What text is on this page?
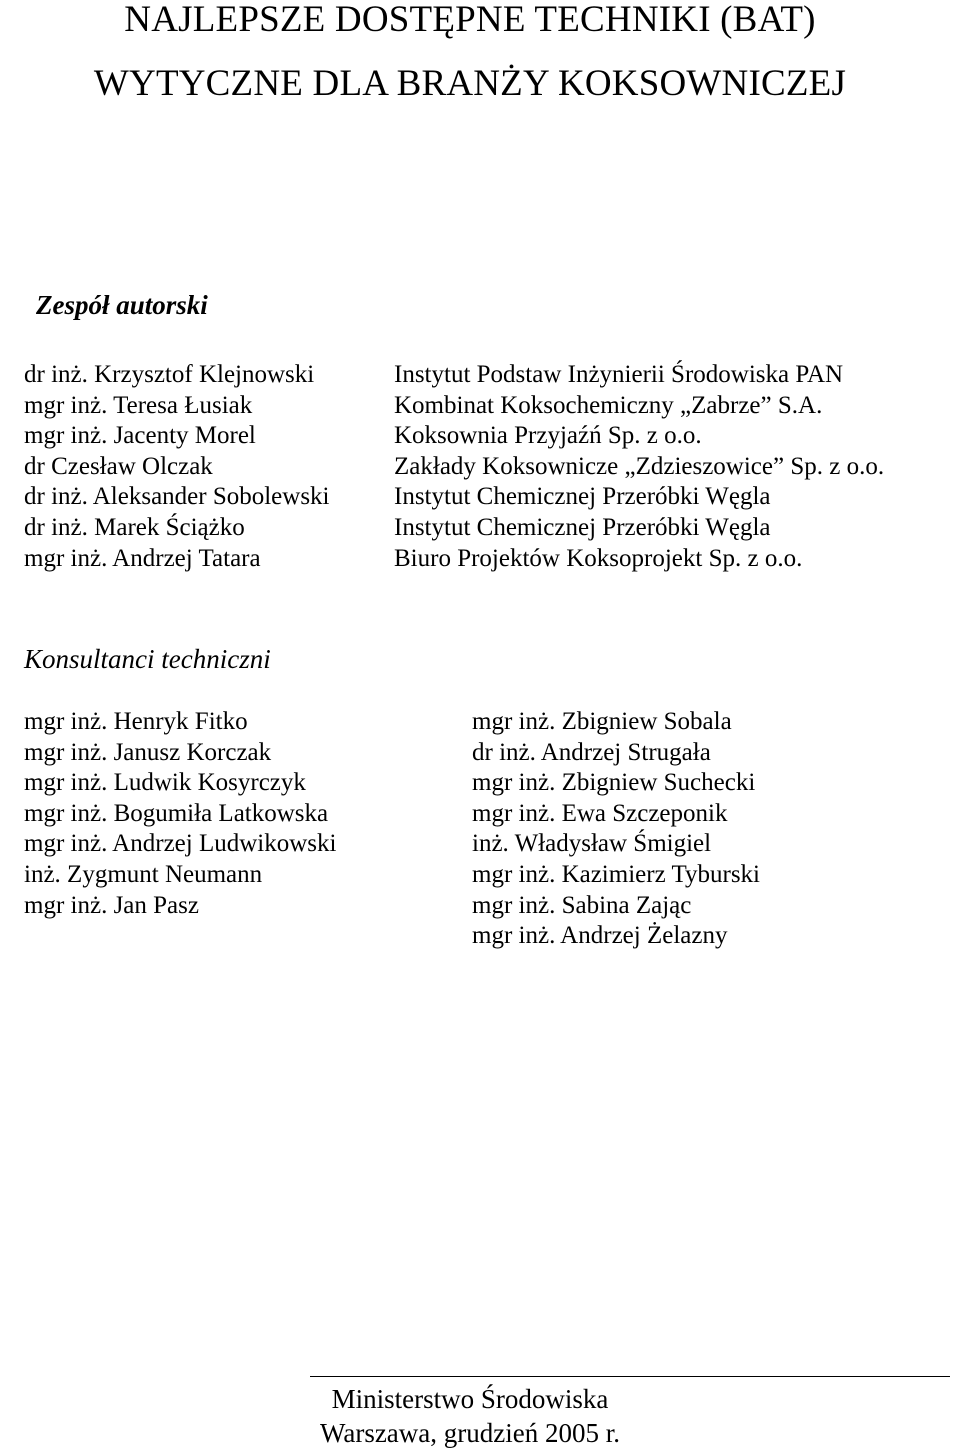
NAJLEPSZE DOSTĘPNE TECHNIKI (BAT)
WYTYCZNE DLA BRANŻY KOKSOWNICZEJ
Zespół autorski
dr inż. Krzysztof Klejnowski
mgr inż. Teresa Łusiak
mgr inż. Jacenty Morel
dr Czesław Olczak
dr inż. Aleksander Sobolewski
dr inż. Marek Ściążko
mgr inż. Andrzej Tatara
Instytut Podstaw Inżynierii Środowiska PAN
Kombinat Koksochemiczny „Zabrze” S.A.
Koksownia Przyjaźń Sp. z o.o.
Zakłady Koksownicze „Zdzieszowice” Sp. z o.o.
Instytut Chemicznej Przeróbki Węgla
Instytut Chemicznej Przeróbki Węgla
Biuro Projektów Koksoprojekt Sp. z o.o.
Konsultanci techniczni
mgr inż. Henryk Fitko
mgr inż. Janusz Korczak
mgr inż. Ludwik Kosyrczyk
mgr inż. Bogumiła Latkowska
mgr inż. Andrzej Ludwikowski
inż. Zygmunt Neumann
mgr inż. Jan Pasz
mgr inż. Zbigniew Sobala
dr inż. Andrzej Strugała
mgr inż. Zbigniew Suchecki
mgr inż. Ewa Szczeponik
inż. Władysław Śmigiel
mgr inż. Kazimierz Tyburski
mgr inż. Sabina Zając
mgr inż. Andrzej Żelazny
Ministerstwo Środowiska
Warszawa, grudzień 2005 r.
